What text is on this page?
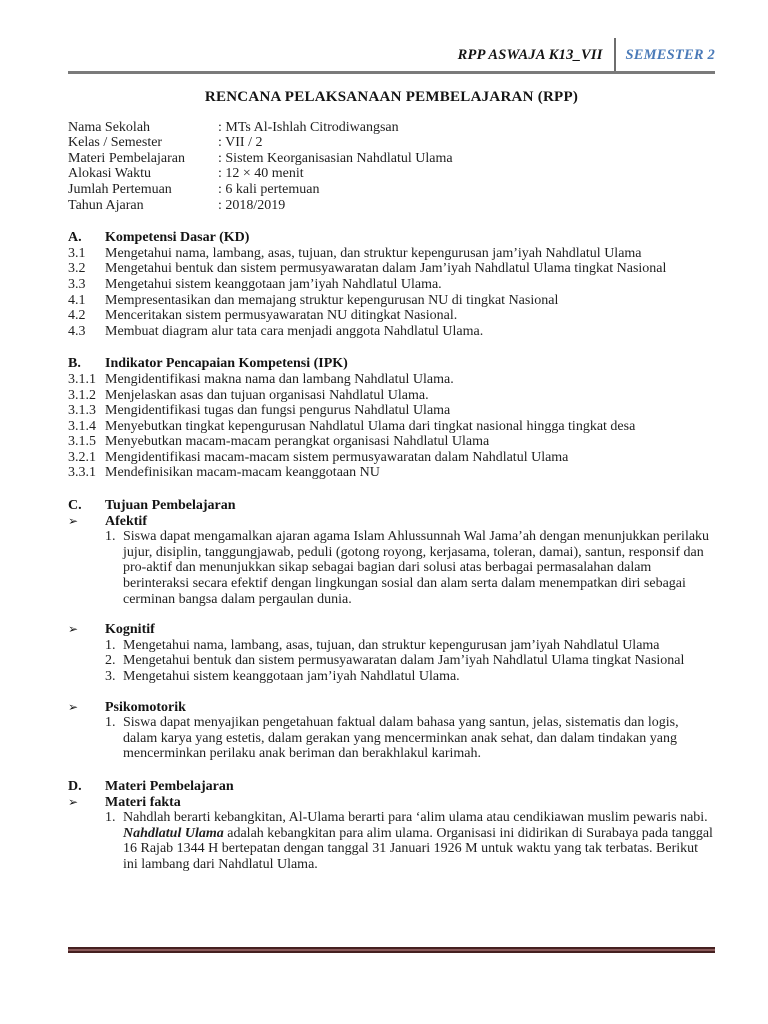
RPP ASWAJA K13_VII SEMESTER 2
RENCANA PELAKSANAAN PEMBELAJARAN (RPP)
Nama Sekolah	: MTs Al-Ishlah Citrodiwangsan
Kelas / Semester	: VII / 2
Materi Pembelajaran	: Sistem Keorganisasian Nahdlatul Ulama
Alokasi Waktu	: 12 × 40 menit
Jumlah Pertemuan	: 6 kali pertemuan
Tahun Ajaran	: 2018/2019
A.	Kompetensi Dasar (KD)
3.1	Mengetahui nama, lambang, asas, tujuan, dan struktur kepengurusan jam’iyah Nahdlatul Ulama
3.2	Mengetahui bentuk dan sistem permusyawaratan dalam Jam’iyah Nahdlatul Ulama tingkat Nasional
3.3	Mengetahui sistem keanggotaan jam’iyah Nahdlatul Ulama.
4.1	Mempresentasikan dan memajang struktur kepengurusan NU di tingkat Nasional
4.2	Menceritakan sistem permusyawaratan NU ditingkat Nasional.
4.3	Membuat diagram alur tata cara menjadi anggota Nahdlatul Ulama.
B.	Indikator Pencapaian Kompetensi (IPK)
3.1.1 Mengidentifikasi makna nama dan lambang Nahdlatul Ulama.
3.1.2 Menjelaskan asas dan tujuan organisasi Nahdlatul Ulama.
3.1.3 Mengidentifikasi tugas dan fungsi pengurus Nahdlatul Ulama
3.1.4 Menyebutkan tingkat kepengurusan Nahdlatul Ulama dari tingkat nasional hingga tingkat desa
3.1.5 Menyebutkan macam-macam perangkat organisasi Nahdlatul Ulama
3.2.1 Mengidentifikasi macam-macam sistem permusyawaratan dalam Nahdlatul Ulama
3.3.1 Mendefinisikan macam-macam keanggotaan NU
C.	Tujuan Pembelajaran
➢	Afektif
1. Siswa dapat mengamalkan ajaran agama Islam Ahlussunnah Wal Jama’ah dengan menunjukkan perilaku jujur, disiplin, tanggungjawab, peduli (gotong royong, kerjasama, toleran, damai), santun, responsif dan pro-aktif dan menunjukkan sikap sebagai bagian dari solusi atas berbagai permasalahan dalam berinteraksi secara efektif dengan lingkungan sosial dan alam serta dalam menempatkan diri sebagai cerminan bangsa dalam pergaulan dunia.
➢	Kognitif
1. Mengetahui nama, lambang, asas, tujuan, dan struktur kepengurusan jam’iyah Nahdlatul Ulama
2. Mengetahui bentuk dan sistem permusyawaratan dalam Jam’iyah Nahdlatul Ulama tingkat Nasional
3. Mengetahui sistem keanggotaan jam’iyah Nahdlatul Ulama.
➢	Psikomotorik
1. Siswa dapat menyajikan pengetahuan faktual dalam bahasa yang santun, jelas, sistematis dan logis, dalam karya yang estetis, dalam gerakan yang mencerminkan anak sehat, dan dalam tindakan yang mencerminkan perilaku anak beriman dan berakhlakul karimah.
D.	Materi Pembelajaran
➢	Materi fakta
1. Nahdlah berarti kebangkitan, Al-Ulama berarti para ‘alim ulama atau cendikiawan muslim pewaris nabi. Nahdlatul Ulama adalah kebangkitan para alim ulama. Organisasi ini didirikan di Surabaya pada tanggal 16 Rajab 1344 H bertepatan dengan tanggal 31 Januari 1926 M untuk waktu yang tak terbatas. Berikut ini lambang dari Nahdlatul Ulama.
